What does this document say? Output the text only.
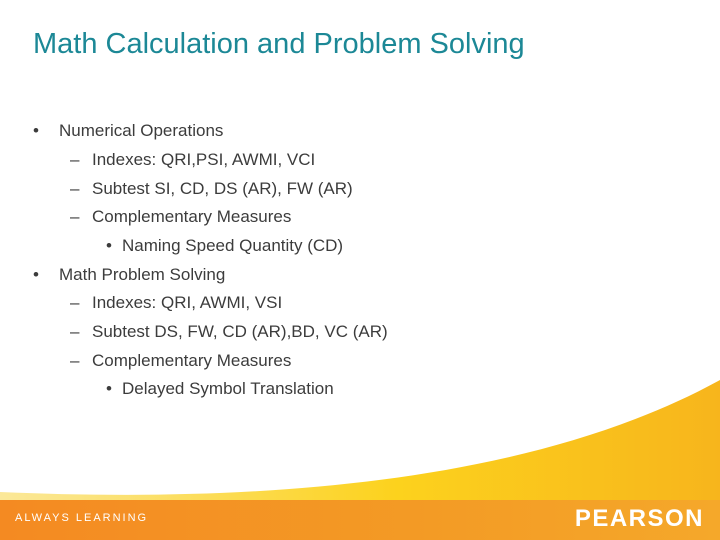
Math Calculation and Problem Solving
• Numerical Operations
– Indexes: QRI,PSI, AWMI, VCI
– Subtest SI, CD, DS (AR), FW (AR)
– Complementary Measures
• Naming Speed Quantity (CD)
• Math Problem Solving
– Indexes: QRI, AWMI, VSI
– Subtest DS, FW, CD (AR),BD, VC (AR)
– Complementary Measures
• Delayed Symbol Translation
ALWAYS LEARNING	PEARSON
